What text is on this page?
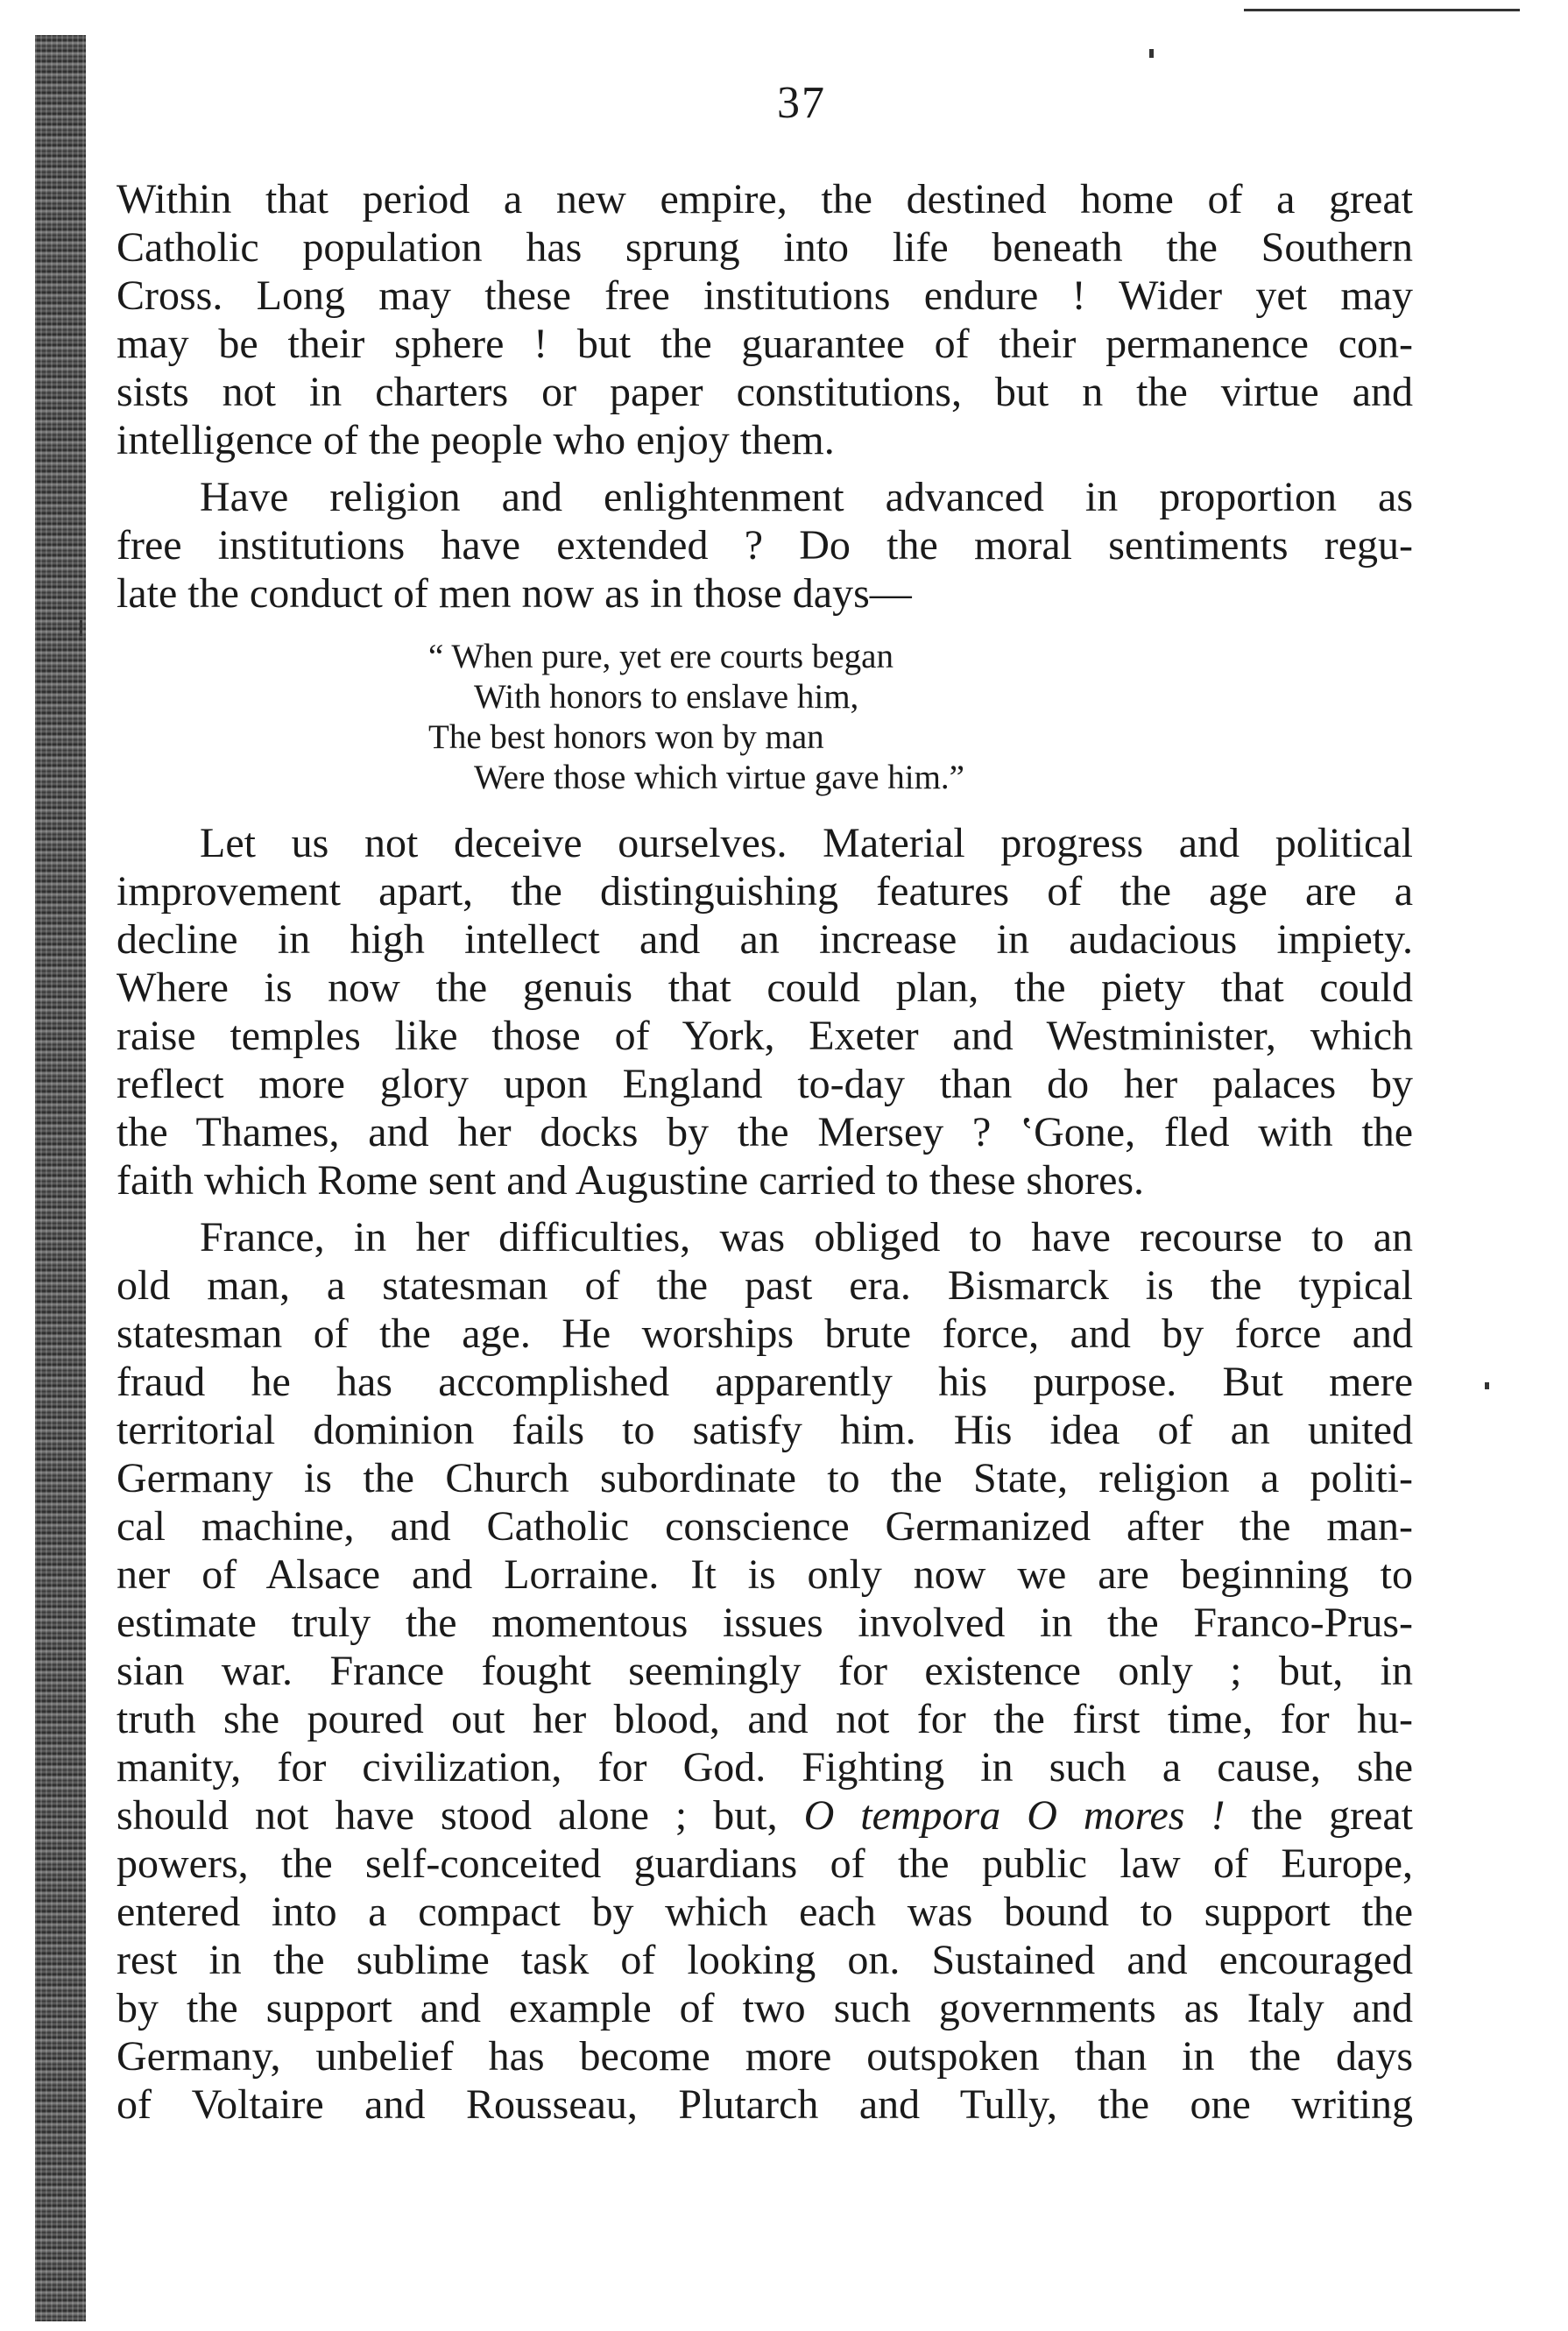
37

Within that period a new empire, the destined home of a great
Catholic population has sprung into life beneath the Southern
Cross. Long may these free institutions endure ! Wider yet may
may be their sphere ! but the guarantee of their permanence con-
sists not in charters or paper constitutions, but n the virtue and
intelligence of the people who enjoy them.

Have religion and enlightenment advanced in proportion as
free institutions have extended ? Do the moral sentiments regu-
late the conduct of men now as in those days—

“ When pure, yet ere courts began
With honors to enslave him,
The best honors won by man
Were those which virtue gave him.”

Let us not deceive ourselves. Material progress and political
improvement apart, the distinguishing features of the age are a
decline in high intellect and an increase in audacious impiety.
Where is now the genuis that could plan, the piety that could
raise temples like those of York, Exeter and Westminister, which
reflect more glory upon England to-day than do her palaces by
the Thames, and her docks by the Mersey ? ʽGone, fled with the
faith which Rome sent and Augustine carried to these shores.

France, in her difficulties, was obliged to have recourse to an
old man, a statesman of the past era. Bismarck is the typical
statesman of the age. He worships brute force, and by force and
fraud he has accomplished apparently his purpose. But mere
territorial dominion fails to satisfy him. His idea of an united
Germany is the Church subordinate to the State, religion a politi-
cal machine, and Catholic conscience Germanized after the man-
ner of Alsace and Lorraine. It is only now we are beginning to
estimate truly the momentous issues involved in the Franco-Prus-
sian war. France fought seemingly for existence only ; but, in
truth she poured out her blood, and not for the first time, for hu-
manity, for civilization, for God. Fighting in such a cause, she
should not have stood alone ; but, O tempora O mores ! the great
powers, the self-conceited guardians of the public law of Europe,
entered into a compact by which each was bound to support the
rest in the sublime task of looking on. Sustained and encouraged
by the support and example of two such governments as Italy and
Germany, unbelief has become more outspoken than in the days
of Voltaire and Rousseau, Plutarch and Tully, the one writing
